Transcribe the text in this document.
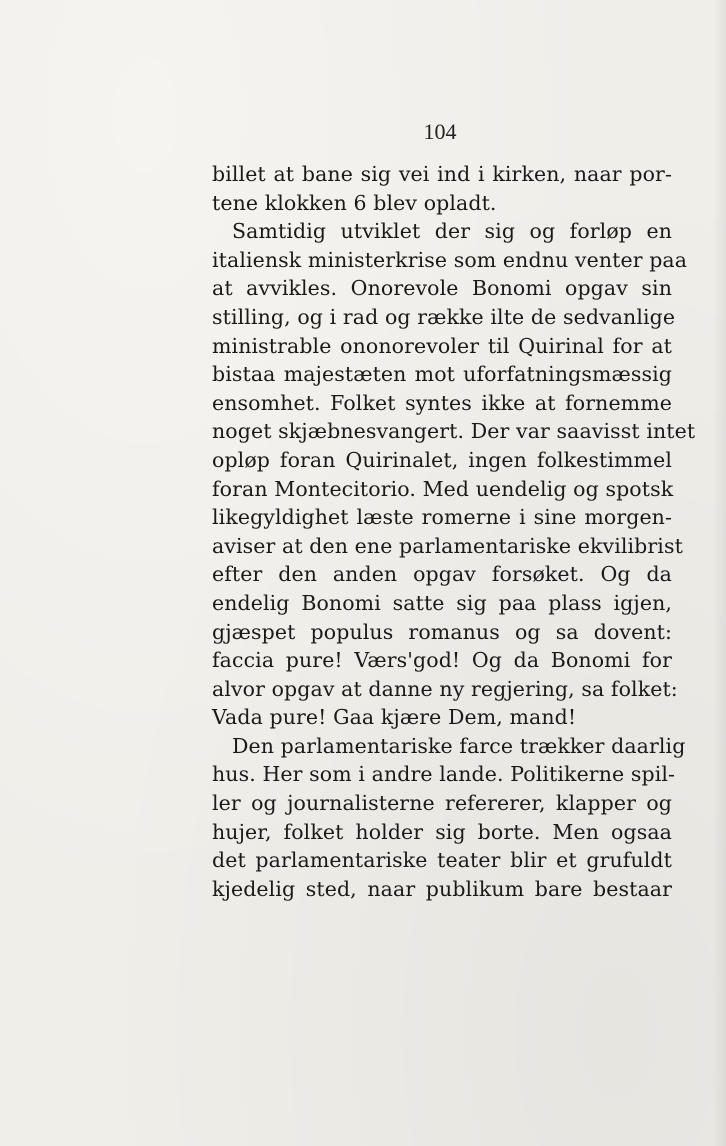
104
billet at bane sig vei ind i kirken, naar por-
tene klokken 6 blev opladt.
Samtidig utviklet der sig og forløp en
italiensk ministerkrise som endnu venter paa
at avvikles. Onorevole Bonomi opgav sin
stilling, og i rad og række ilte de sedvanlige
ministrable ononorevoler til Quirinal for at
bistaa majestæten mot uforfatningsmæssig
ensomhet. Folket syntes ikke at fornemme
noget skjæbnesvangert. Der var saavisst intet
opløp foran Quirinalet, ingen folkestimmel
foran Montecitorio. Med uendelig og spotsk
likegyldighet læste romerne i sine morgen-
aviser at den ene parlamentariske ekvilibrist
efter den anden opgav forsøket. Og da
endelig Bonomi satte sig paa plass igjen,
gjæspet populus romanus og sa dovent:
faccia pure! Værs'god! Og da Bonomi for
alvor opgav at danne ny regjering, sa folket:
Vada pure! Gaa kjære Dem, mand!
Den parlamentariske farce trækker daarlig
hus. Her som i andre lande. Politikerne spil-
ler og journalisterne refererer, klapper og
hujer, folket holder sig borte. Men ogsaa
det parlamentariske teater blir et grufuldt
kjedelig sted, naar publikum bare bestaar
